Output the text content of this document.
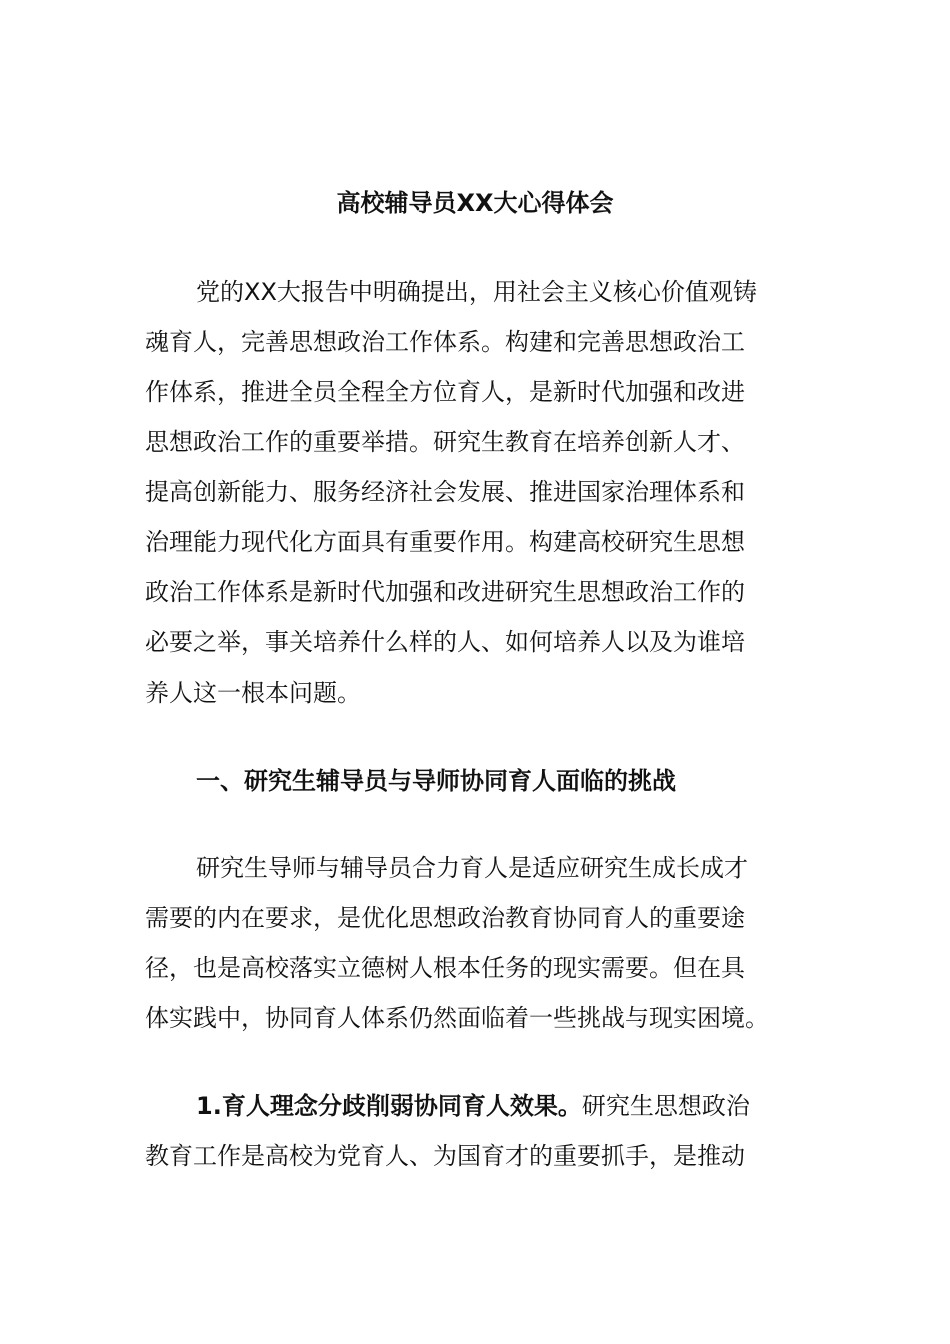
高校辅导员XX大心得体会

党的XX大报告中明确提出，用社会主义核心价值观铸

魂育人，完善思想政治工作体系。构建和完善思想政治工

作体系，推进全员全程全方位育人，是新时代加强和改进

思想政治工作的重要举措。研究生教育在培养创新人才、

提高创新能力、服务经济社会发展、推进国家治理体系和

治理能力现代化方面具有重要作用。构建高校研究生思想

政治工作体系是新时代加强和改进研究生思想政治工作的

必要之举，事关培养什么样的人、如何培养人以及为谁培

养人这一根本问题。

一、研究生辅导员与导师协同育人面临的挑战

研究生导师与辅导员合力育人是适应研究生成长成才

需要的内在要求，是优化思想政治教育协同育人的重要途

径，也是高校落实立德树人根本任务的现实需要。但在具

体实践中，协同育人体系仍然面临着一些挑战与现实困境。

1.育人理念分歧削弱协同育人效果。研究生思想政治

教育工作是高校为党育人、为国育才的重要抓手，是推动
